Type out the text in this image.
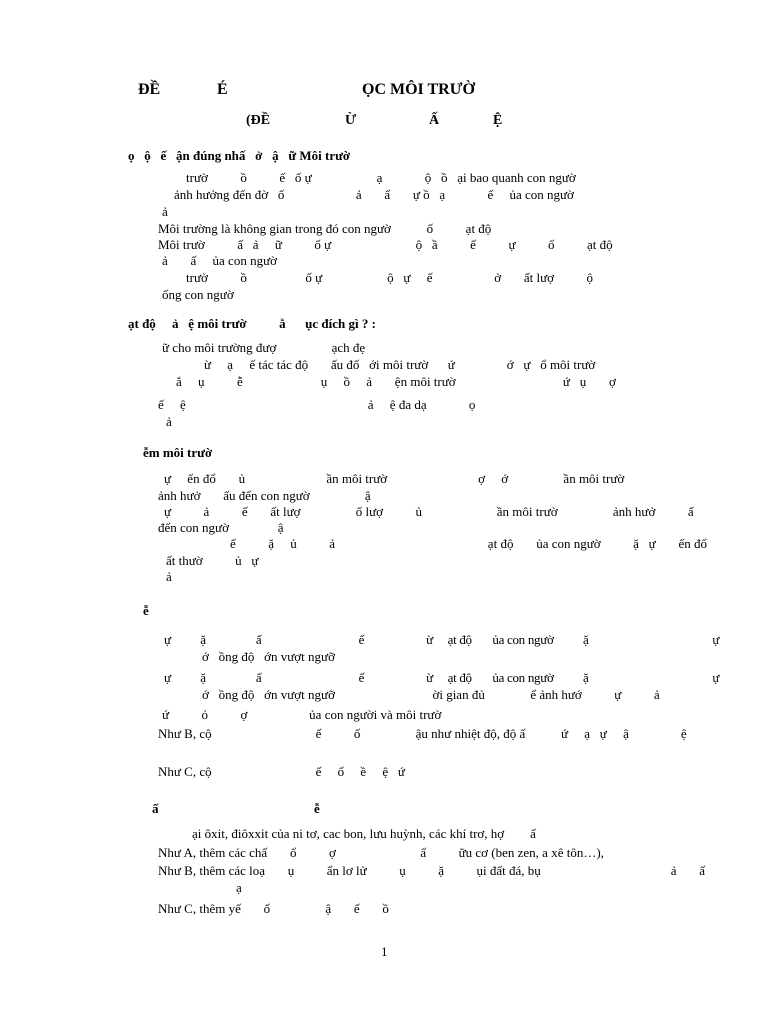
ĐỀ	É	ỌC MÔI TRƯỜ
(ĐỀ	Ừ	Ấ	Ệ
ọ   ộ   ế   ận đúng nhấ   ở   ậ   ữ Môi trườ
trườ          ồ          ế   ố ự                    ạ             ộ   ồ   ại bao quanh con ngườ
ảnh hưởng đến đờ   ố                      ả       ấ       ự ồ   ạ             ế     ủa con ngườ
ả
Môi trường là không gian trong đó con ngườ           ố          ạt độ
Môi trườ          ấ   ả     ữ          ố ự                          ộ   ầ          ế          ự          ố          ạt độ
ả       ấ     ủa con ngườ
trườ          ồ                  ố ự                    ộ   ự     ế                   ở       ất lượ          ộ
ống con ngườ
ạt độ     ả   ệ môi trườ          ằ      ục đích gì ? :
ữ cho môi trường đượ                 ạch đẹ
ừ     ạ     ế tác tác độ       ấu đố   ới môi trườ      ứ                ớ   ự   ổ môi trườ
ắ     ụ          ễ                        ụ     ồ     ả       ện môi trườ                                 ứ   ụ       ợ
ế     ệ                                                        ả     ệ đa dạ             ọ
ả
ễm môi trườ
ự     ến đổ       ủ                         ần môi trườ                            ợ     ớ                 ần môi trườ
ảnh hưở       ấu đến con ngườ                 ậ
ự          ả          ế       ất lượ                 ố lượ          ủ                       ần môi trườ                 ảnh hưở          ấ
đến con ngườ               ậ
ế          ặ     ủ          ả                                               ạt độ       ủa con ngườ          ặ   ự       ến đổ
ất thườ          ủ   ự
ả
ễ
ự          ặ                 ấ                                 ế                     ừ     ạt độ       ủa con ngườ          ặ                                          ự
ớ   ồng độ   ớn vượt ngưỡ
ự          ặ                 ấ                                 ế                     ừ     ạt độ       ủa con ngườ          ặ                                          ự
ớ   ồng độ   ớn vượt ngưỡ                              ời gian đủ              ể ảnh hướ          ự          ả
ứ          ỏ          ợ                   ủa con người và môi trườ
Như B, cộ                                ế          ố                 ậu như nhiệt độ, độ ấ           ứ     ạ   ự     ậ                ệ
Như C, cộ                                ế     ố     ề     ệ   ứ
ấ	ễ
ại ôxit, điôxxit của ni tơ, cac bon, lưu huỳnh, các khí trơ, hợ        ấ
Như A, thêm các chấ       ổ          ợ                          ấ          ữu cơ (ben zen, a xê tôn…),
Như B, thêm các loạ       ụ          ẩn lơ lử          ụ          ặ          ụi đất đá, bụ                                        ả       ấ
ạ
Như C, thêm yế       ố                 ậ       ế       ồ
1
